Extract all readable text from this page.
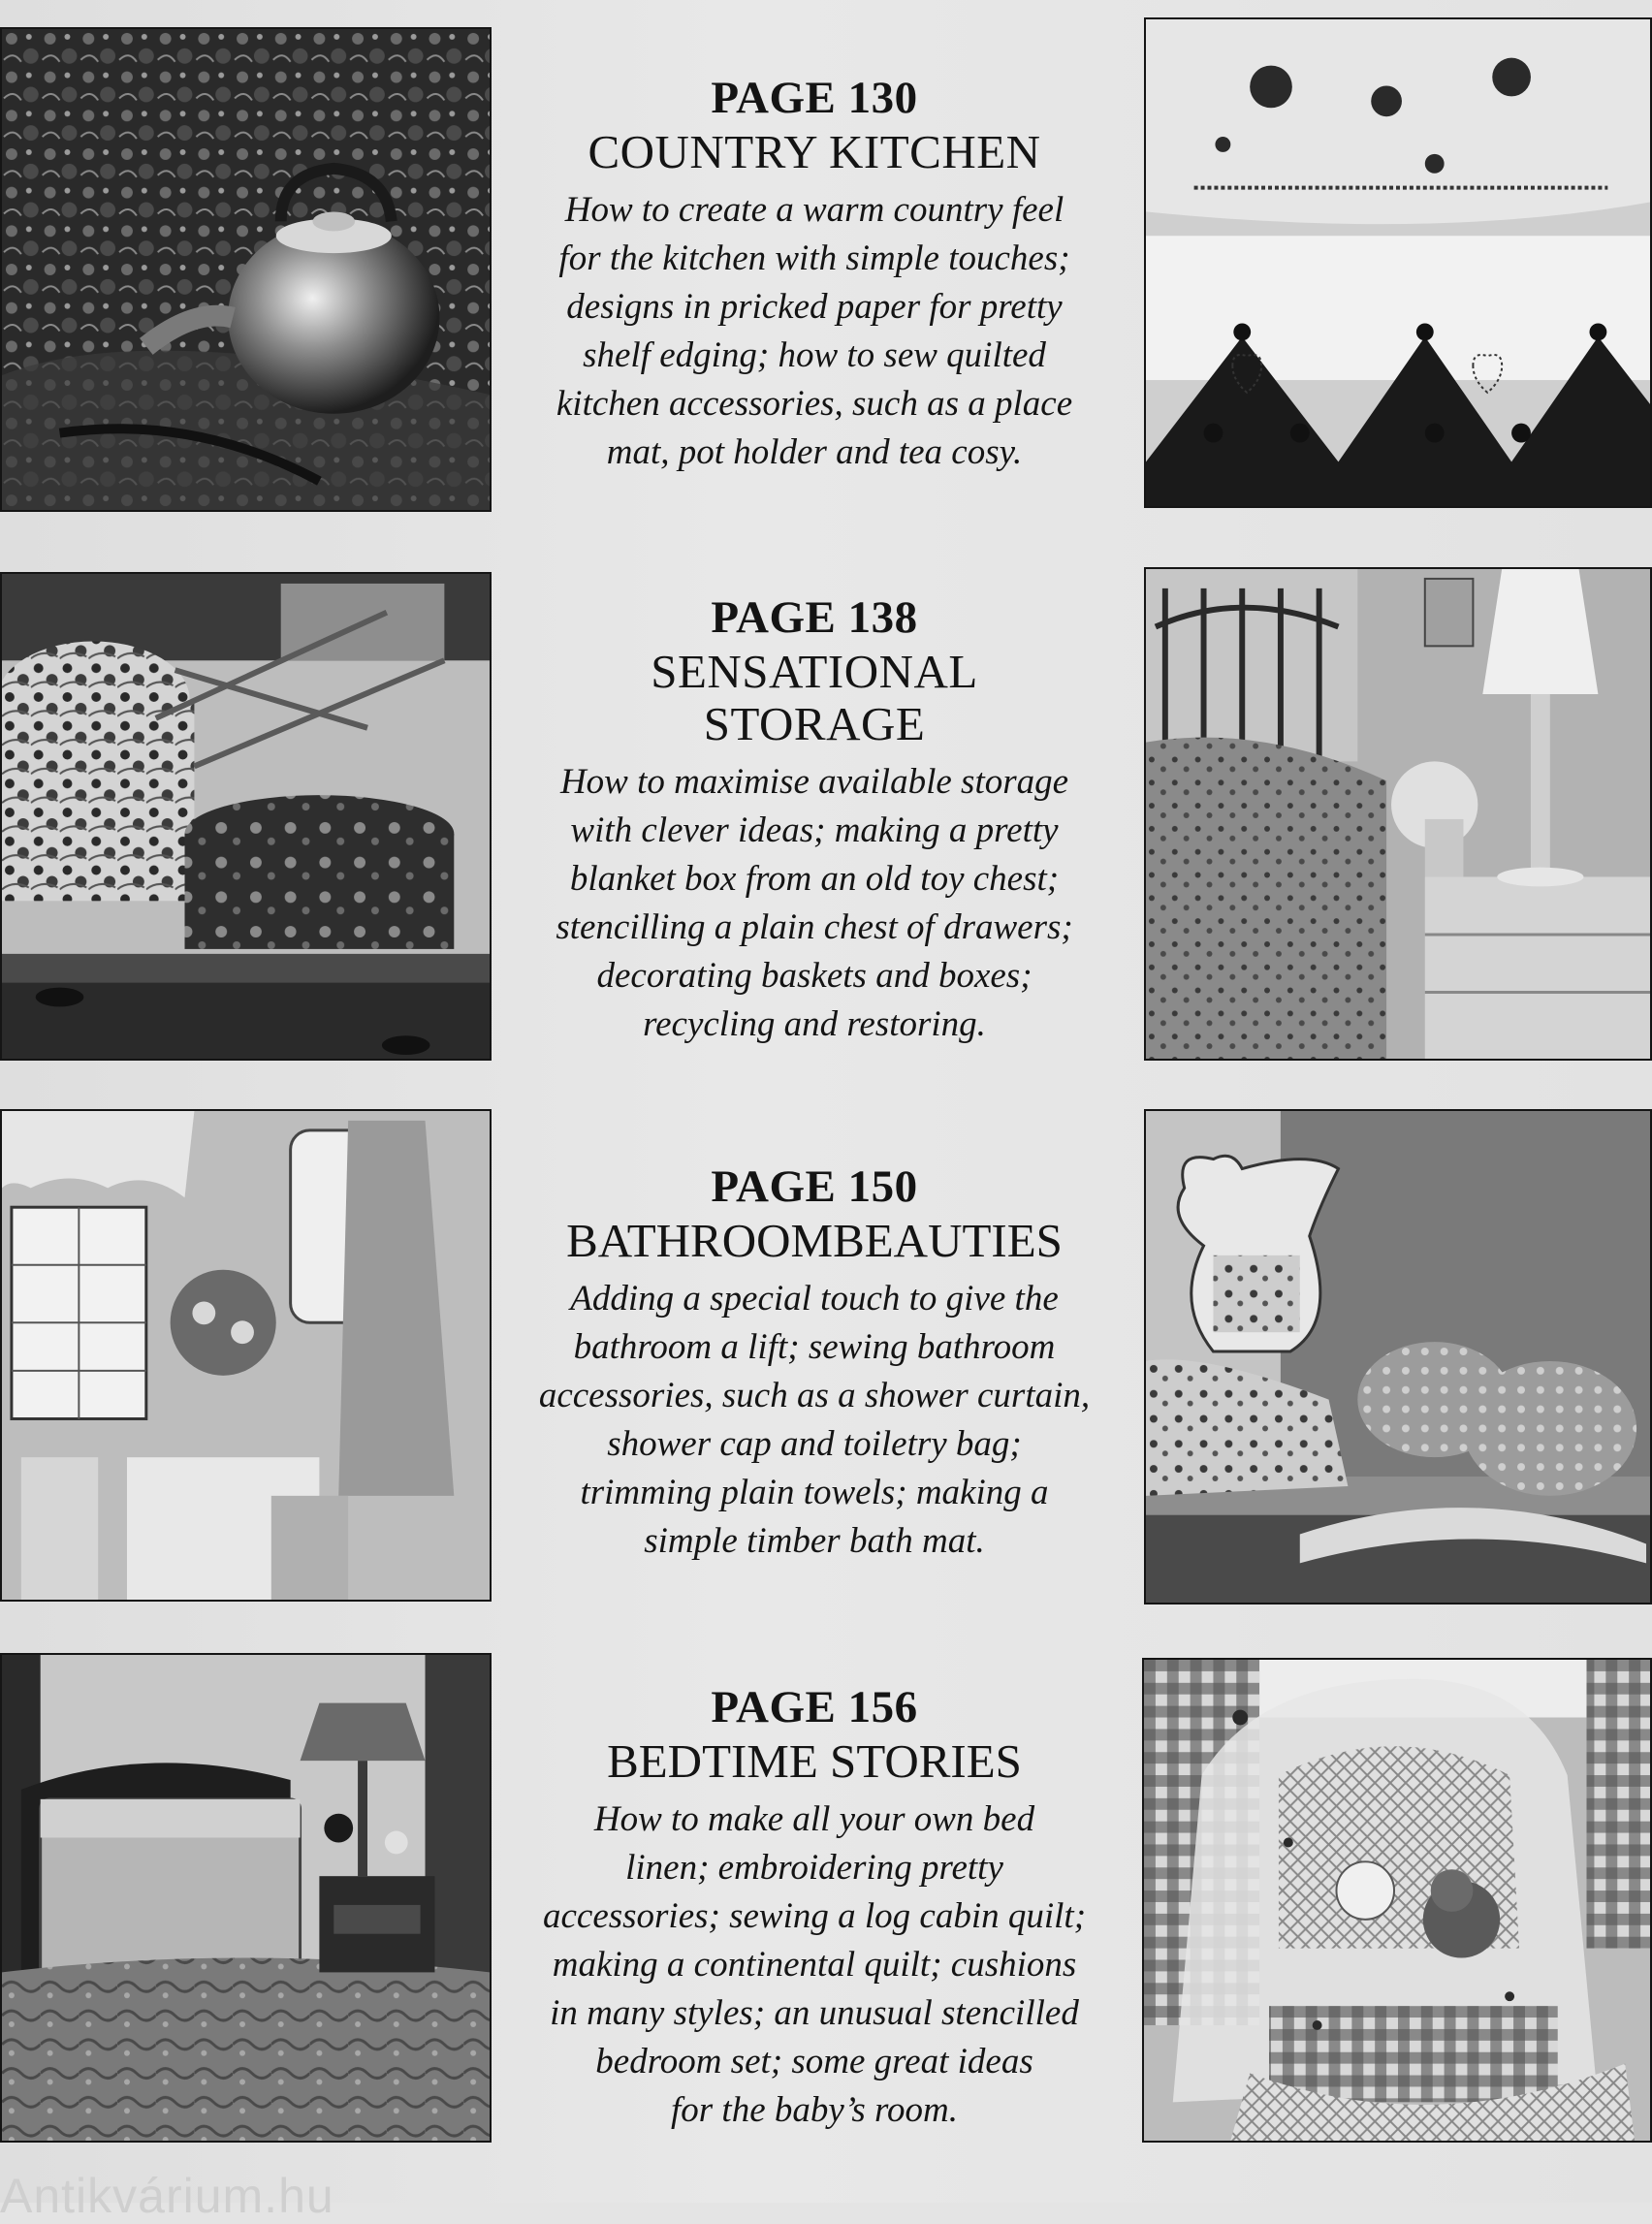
PAGE 130
COUNTRY KITCHEN

How to create a warm country feel
for the kitchen with simple touches;
designs in pricked paper for pretty
shelf edging; how to sew quilted
kitchen accessories, such as a place
mat, pot holder and tea cosy.

PAGE 138
SENSATIONAL
STORAGE

How to maximise available storage
with clever ideas; making a pretty
blanket box from an old toy chest;
stencilling a plain chest of drawers;
decorating baskets and boxes;
recycling and restoring.

PAGE 150
BATHROOMBEAUTIES

Adding a special touch to give the
bathroom a lift; sewing bathroom
accessories, such as a shower curtain,
shower cap and toiletry bag;
trimming plain towels; making a
simple timber bath mat.

PAGE 156
BEDTIME STORIES

How to make all your own bed
linen; embroidering pretty
accessories; sewing a log cabin quilt;
making a continental quilt; cushions
in many styles; an unusual stencilled
bedroom set; some great ideas
for the baby’s room.

Antikvárium.hu
